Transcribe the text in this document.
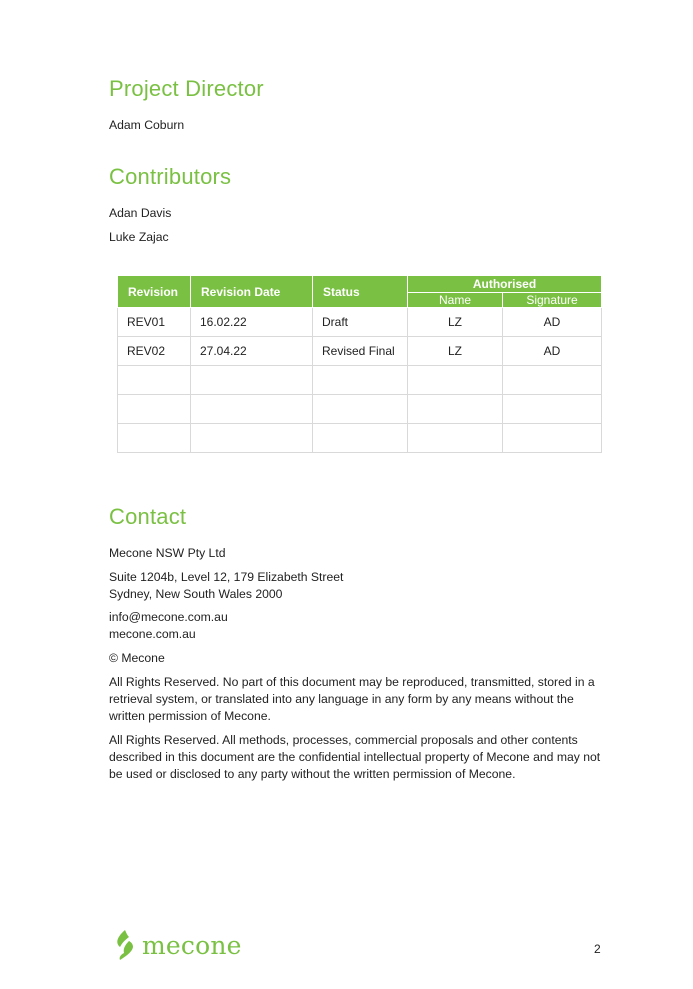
Project Director

Adam Coburn

Contributors

Adan Davis

Luke Zajac

Revision	Revision Date	Status	Authorised	
			Name	Signature
REV01	16.02.22	Draft	LZ	AD
REV02	27.04.22	Revised Final	LZ	AD

Contact

Mecone NSW Pty Ltd

Suite 1204b, Level 12, 179 Elizabeth Street

Sydney, New South Wales 2000

info@mecone.com.au

mecone.com.au

© Mecone

All Rights Reserved. No part of this document may be reproduced, transmitted, stored in a retrieval system, or translated into any language in any form by any means without the written permission of Mecone.

All Rights Reserved. All methods, processes, commercial proposals and other contents described in this document are the confidential intellectual property of Mecone and may not be used or disclosed to any party without the written permission of Mecone.

mecone	2
